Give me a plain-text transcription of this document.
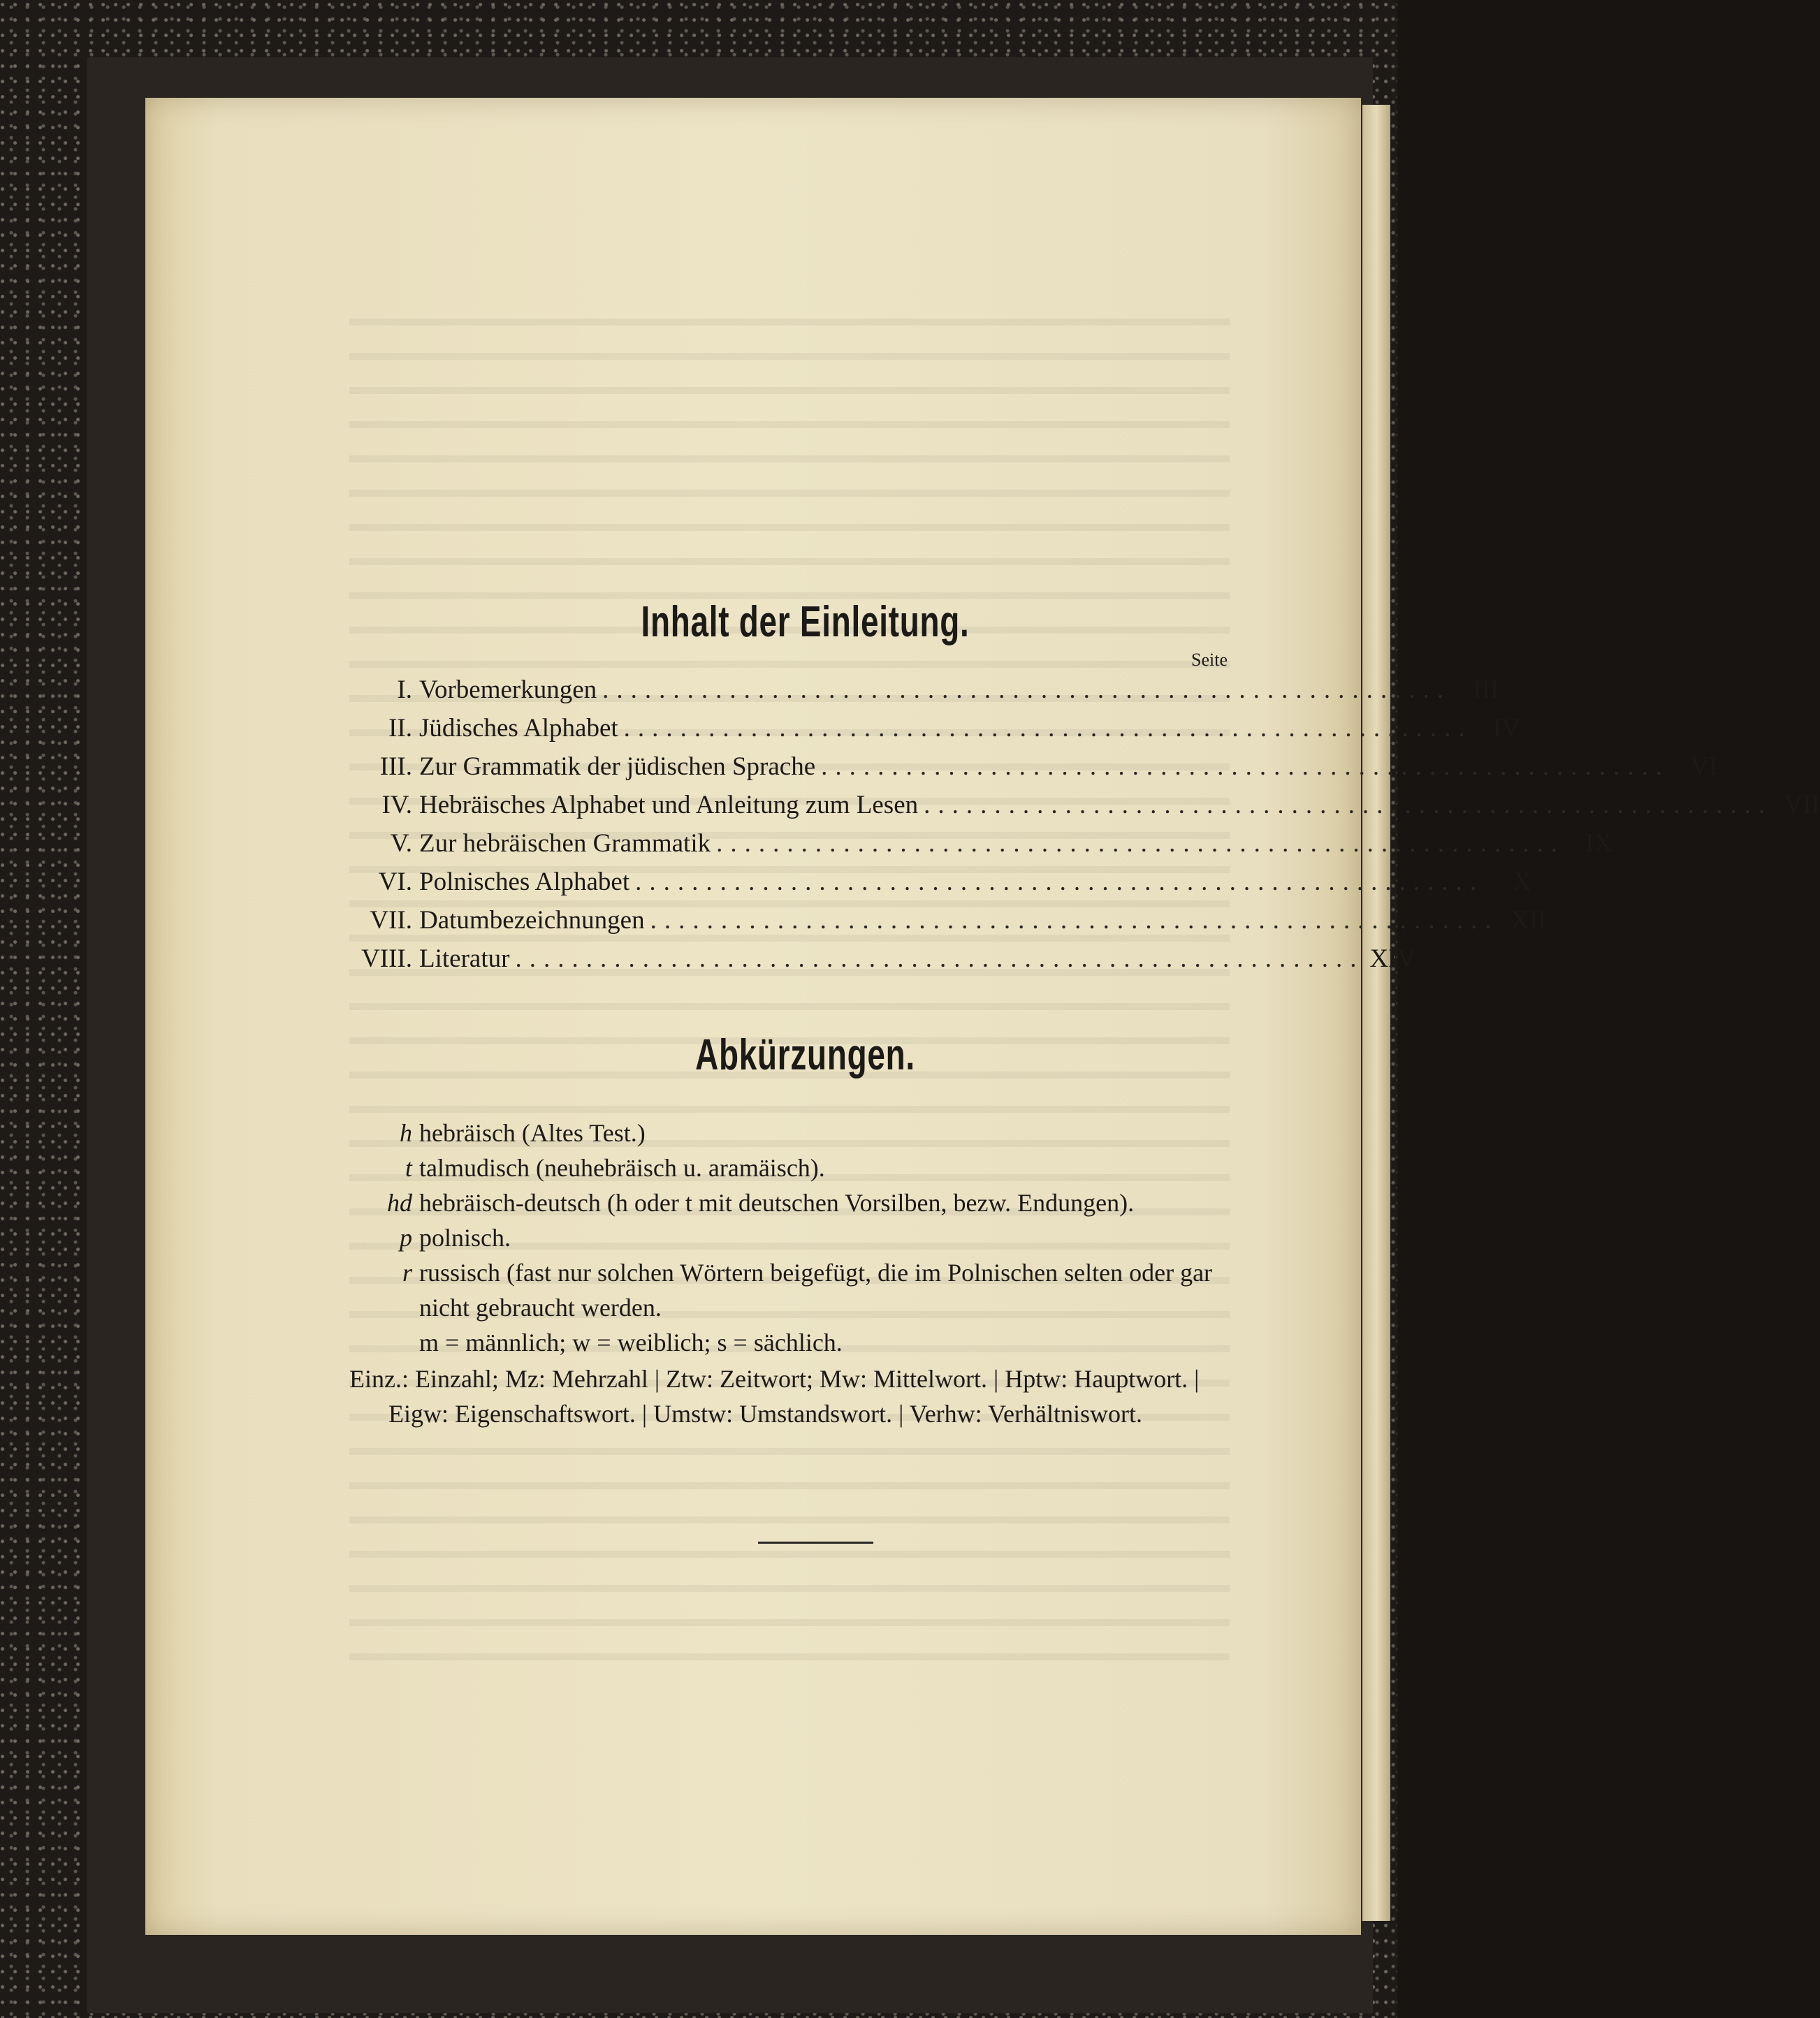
Inhalt der Einleitung.
Seite
I. Vorbemerkungen ............................................................ III
II. Jüdisches Alphabet ............................................................ IV
III. Zur Grammatik der jüdischen Sprache ............................................................ VI
IV. Hebräisches Alphabet und Anleitung zum Lesen ............................................................ VII
V. Zur hebräischen Grammatik ............................................................ IX
VI. Polnisches Alphabet ............................................................	X
VII. Datumbezeichnungen ............................................................ XII
VIII. Literatur ............................................................ XIV
Abkürzungen.
h hebräisch (Altes Test.)
t talmudisch (neuhebräisch u. aramäisch).
hd hebräisch-deutsch (h oder t mit deutschen Vorsilben, bezw. Endungen).
p polnisch.
r russisch (fast nur solchen Wörtern beigefügt, die im Polnischen selten oder gar nicht gebraucht werden.
m = männlich; w = weiblich; s = sächlich.
Einz.: Einzahl; Mz: Mehrzahl | Ztw: Zeitwort; Mw: Mittelwort. | Hptw: Hauptwort. | Eigw: Eigenschaftswort. | Umstw: Umstandswort. | Verhw: Verhältniswort.
